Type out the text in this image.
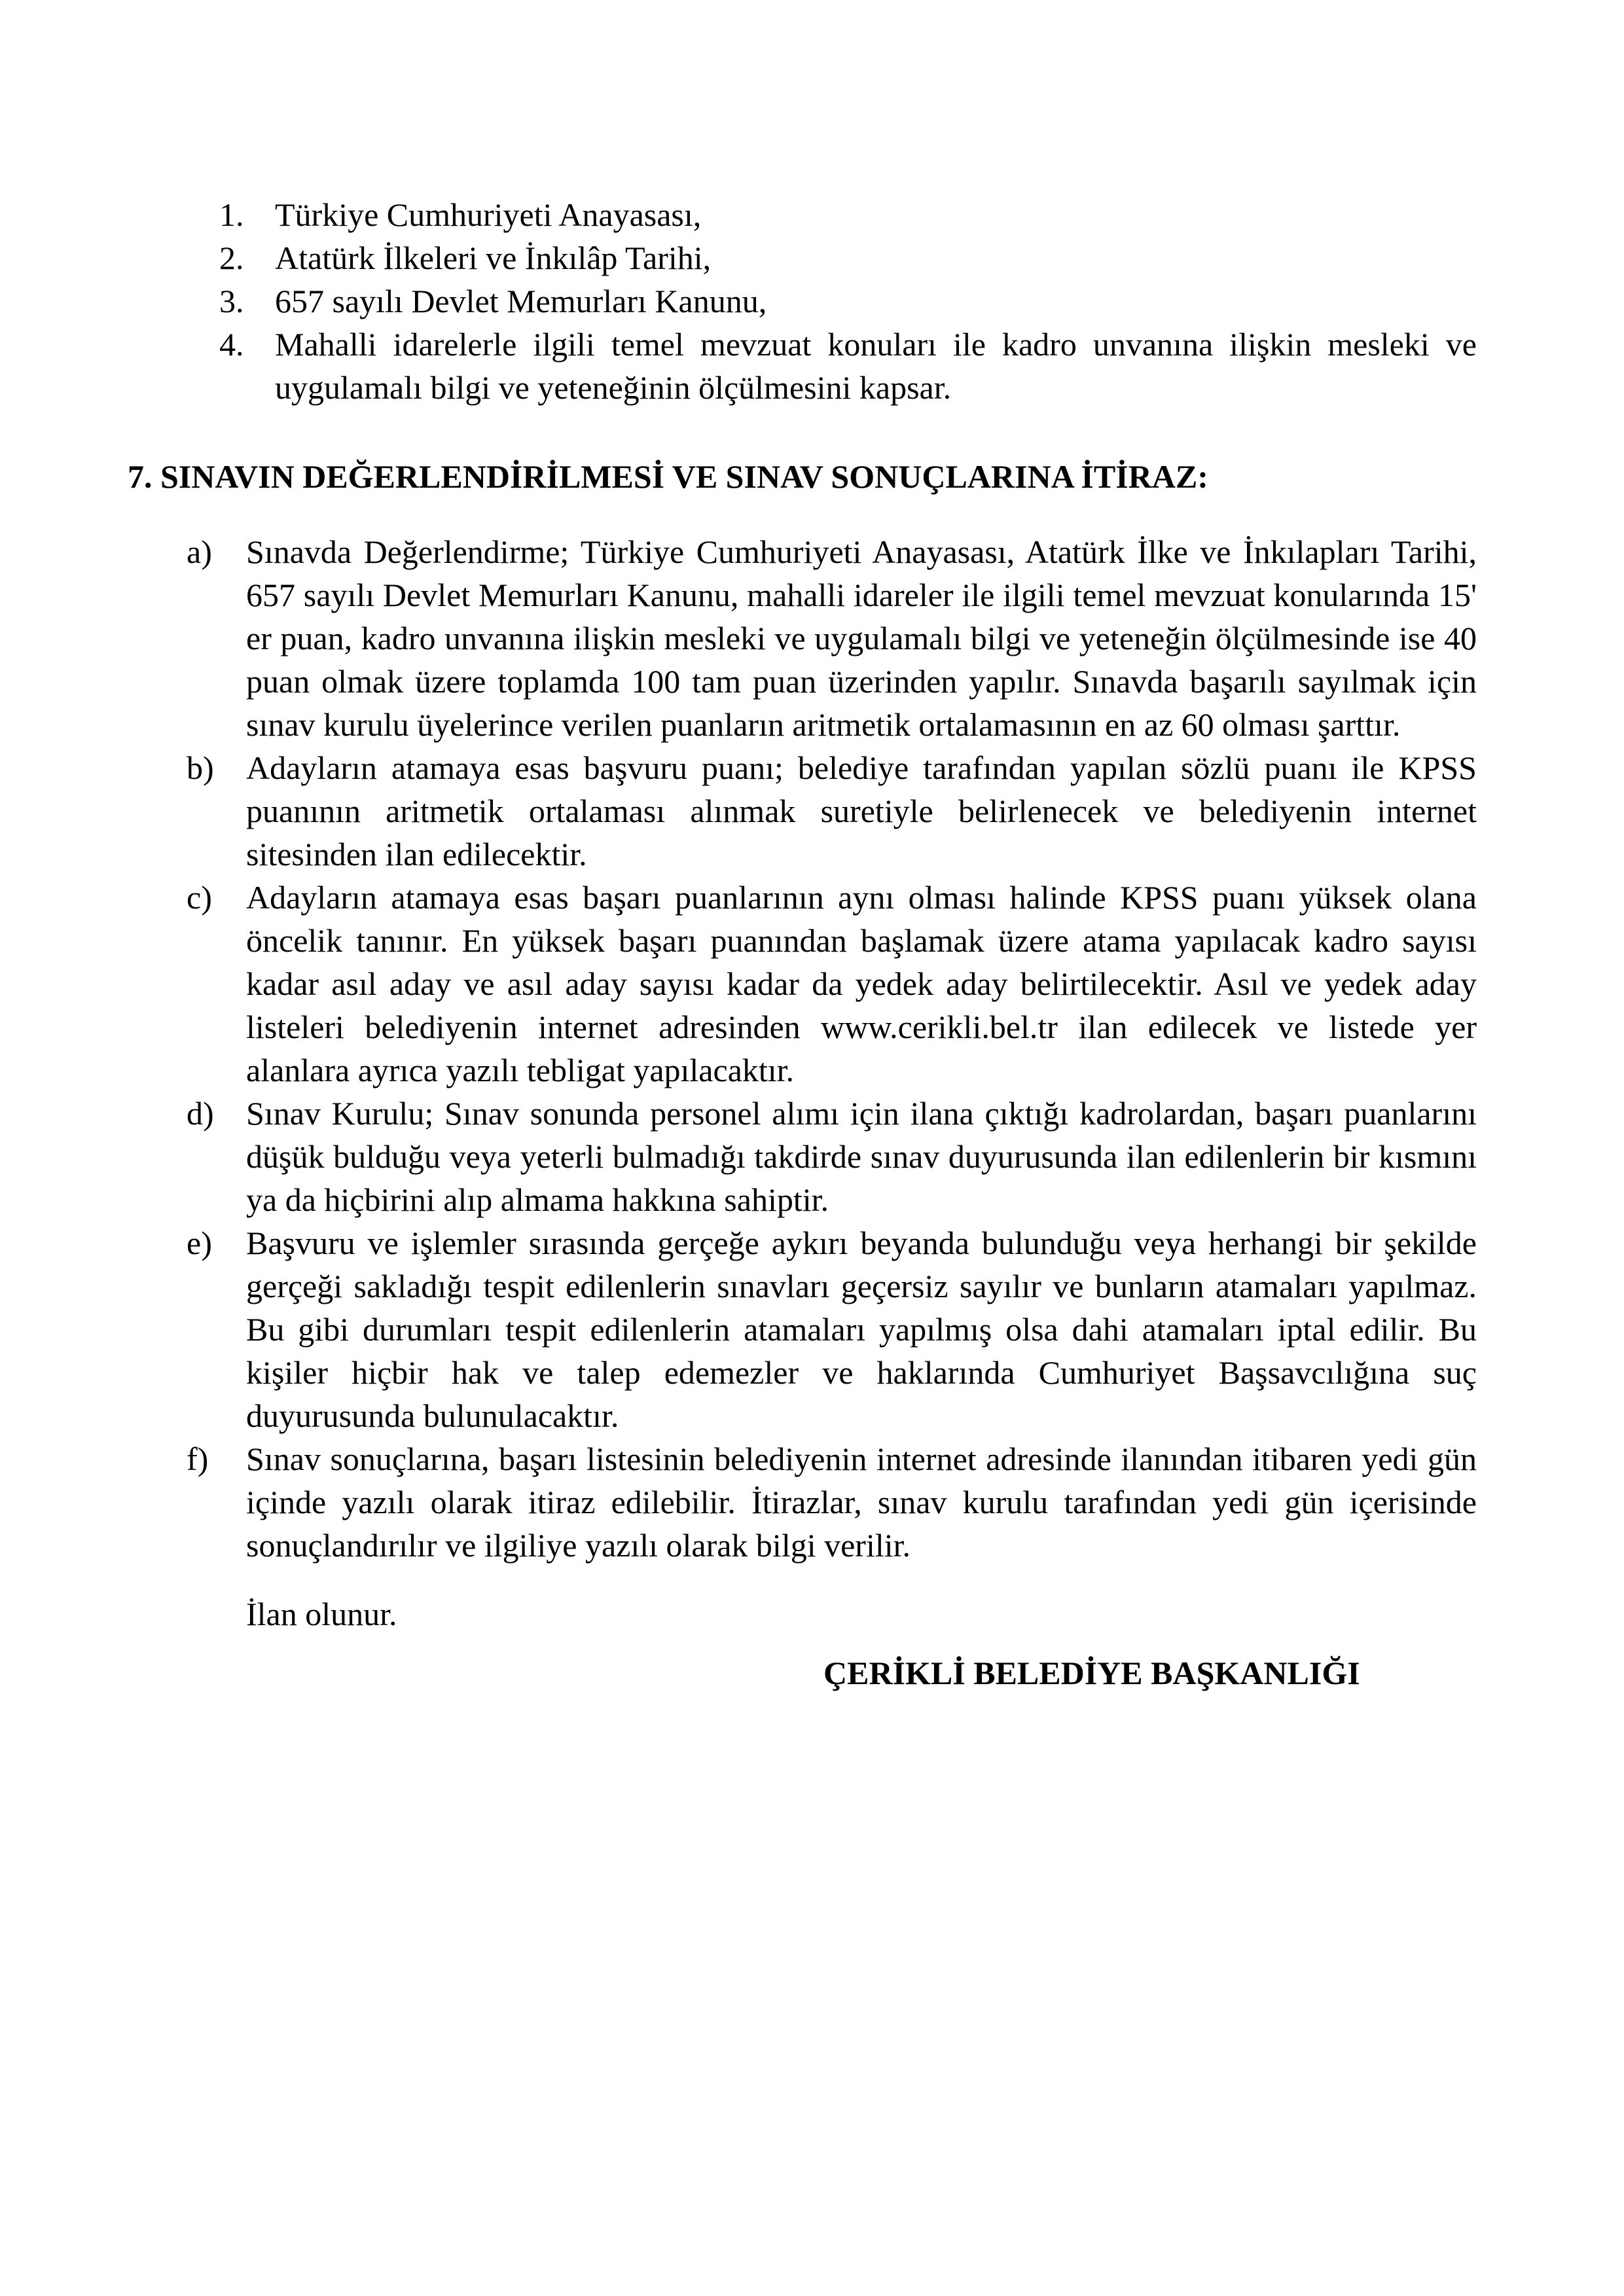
1. Türkiye Cumhuriyeti Anayasası,
2. Atatürk İlkeleri ve İnkılâp Tarihi,
3. 657 sayılı Devlet Memurları Kanunu,
4. Mahalli idarelerle ilgili temel mevzuat konuları ile kadro unvanına ilişkin mesleki ve uygulamalı bilgi ve yeteneğinin ölçülmesini kapsar.
7. SINAVIN DEĞERLENDİRİLMESİ VE SINAV SONUÇLARINA İTİRAZ:
a) Sınavda Değerlendirme; Türkiye Cumhuriyeti Anayasası, Atatürk İlke ve İnkılapları Tarihi, 657 sayılı Devlet Memurları Kanunu, mahalli idareler ile ilgili temel mevzuat konularında 15' er puan, kadro unvanına ilişkin mesleki ve uygulamalı bilgi ve yeteneğin ölçülmesinde ise 40 puan olmak üzere toplamda 100 tam puan üzerinden yapılır. Sınavda başarılı sayılmak için sınav kurulu üyelerince verilen puanların aritmetik ortalamasının en az 60 olması şarttır.
b) Adayların atamaya esas başvuru puanı; belediye tarafından yapılan sözlü puanı ile KPSS puanının aritmetik ortalaması alınmak suretiyle belirlenecek ve belediyenin internet sitesinden ilan edilecektir.
c) Adayların atamaya esas başarı puanlarının aynı olması halinde KPSS puanı yüksek olana öncelik tanınır. En yüksek başarı puanından başlamak üzere atama yapılacak kadro sayısı kadar asıl aday ve asıl aday sayısı kadar da yedek aday belirtilecektir. Asıl ve yedek aday listeleri belediyenin internet adresinden www.cerikli.bel.tr ilan edilecek ve listede yer alanlara ayrıca yazılı tebligat yapılacaktır.
d) Sınav Kurulu; Sınav sonunda personel alımı için ilana çıktığı kadrolardan, başarı puanlarını düşük bulduğu veya yeterli bulmadığı takdirde sınav duyurusunda ilan edilenlerin bir kısmını ya da hiçbirini alıp almama hakkına sahiptir.
e) Başvuru ve işlemler sırasında gerçeğe aykırı beyanda bulunduğu veya herhangi bir şekilde gerçeği sakladığı tespit edilenlerin sınavları geçersiz sayılır ve bunların atamaları yapılmaz. Bu gibi durumları tespit edilenlerin atamaları yapılmış olsa dahi atamaları iptal edilir. Bu kişiler hiçbir hak ve talep edemezler ve haklarında Cumhuriyet Başsavcılığına suç duyurusunda bulunulacaktır.
f) Sınav sonuçlarına, başarı listesinin belediyenin internet adresinde ilanından itibaren yedi gün içinde yazılı olarak itiraz edilebilir. İtirazlar, sınav kurulu tarafından yedi gün içerisinde sonuçlandırılır ve ilgiliye yazılı olarak bilgi verilir.
İlan olunur.
ÇERİKLİ BELEDİYE BAŞKANLIĞI
